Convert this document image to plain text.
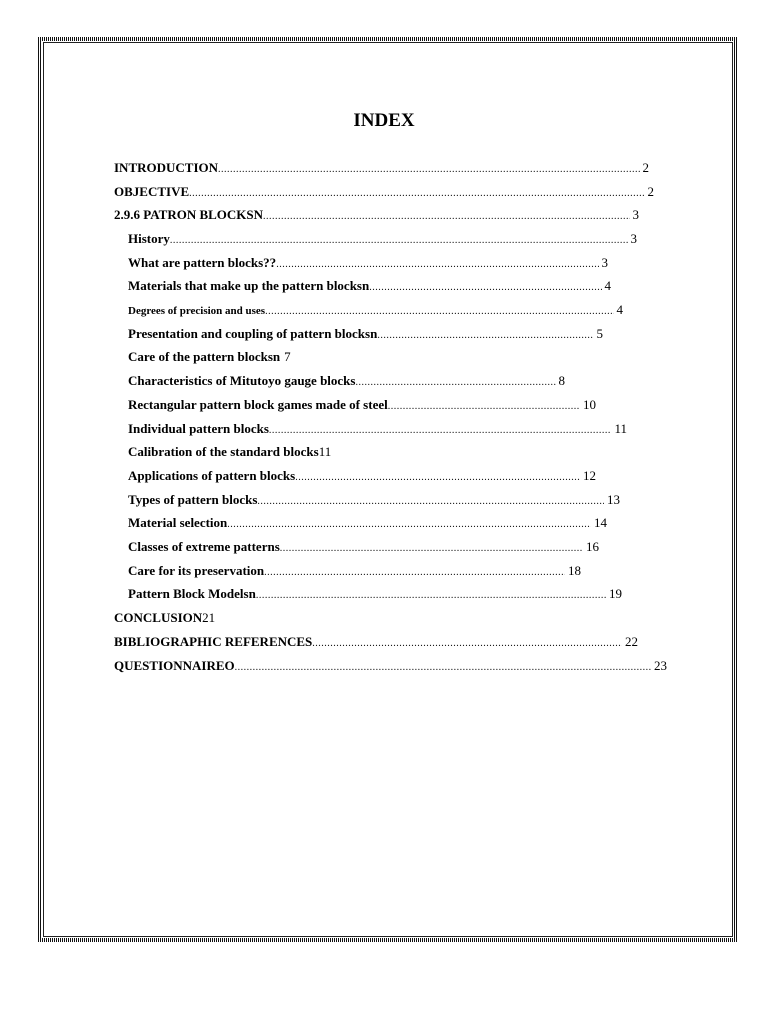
INDEX
INTRODUCTION .....	2
OBJECTIVE .....	2
2.9.6 PATRON BLOCKSN .....	3
History .....	3
What are pattern blocks?? .....	3
Materials that make up the pattern blocksn .....	4
Degrees of precision and uses .....	4
Presentation and coupling of pattern blocksn .....	5
Care of the pattern blocksn 7
Characteristics of Mitutoyo gauge blocks .....	8
Rectangular pattern block games made of steel .....	10
Individual pattern blocks .....	11
Calibration of the standard blocks 11
Applications of pattern blocks .....	12
Types of pattern blocks .....	13
Material selection .....	14
Classes of extreme patterns .....	16
Care for its preservation .....	18
Pattern Block Modelsn .....	19
CONCLUSION 21
BIBLIOGRAPHIC REFERENCES .....	22
QUESTIONNAIREO .....	23
